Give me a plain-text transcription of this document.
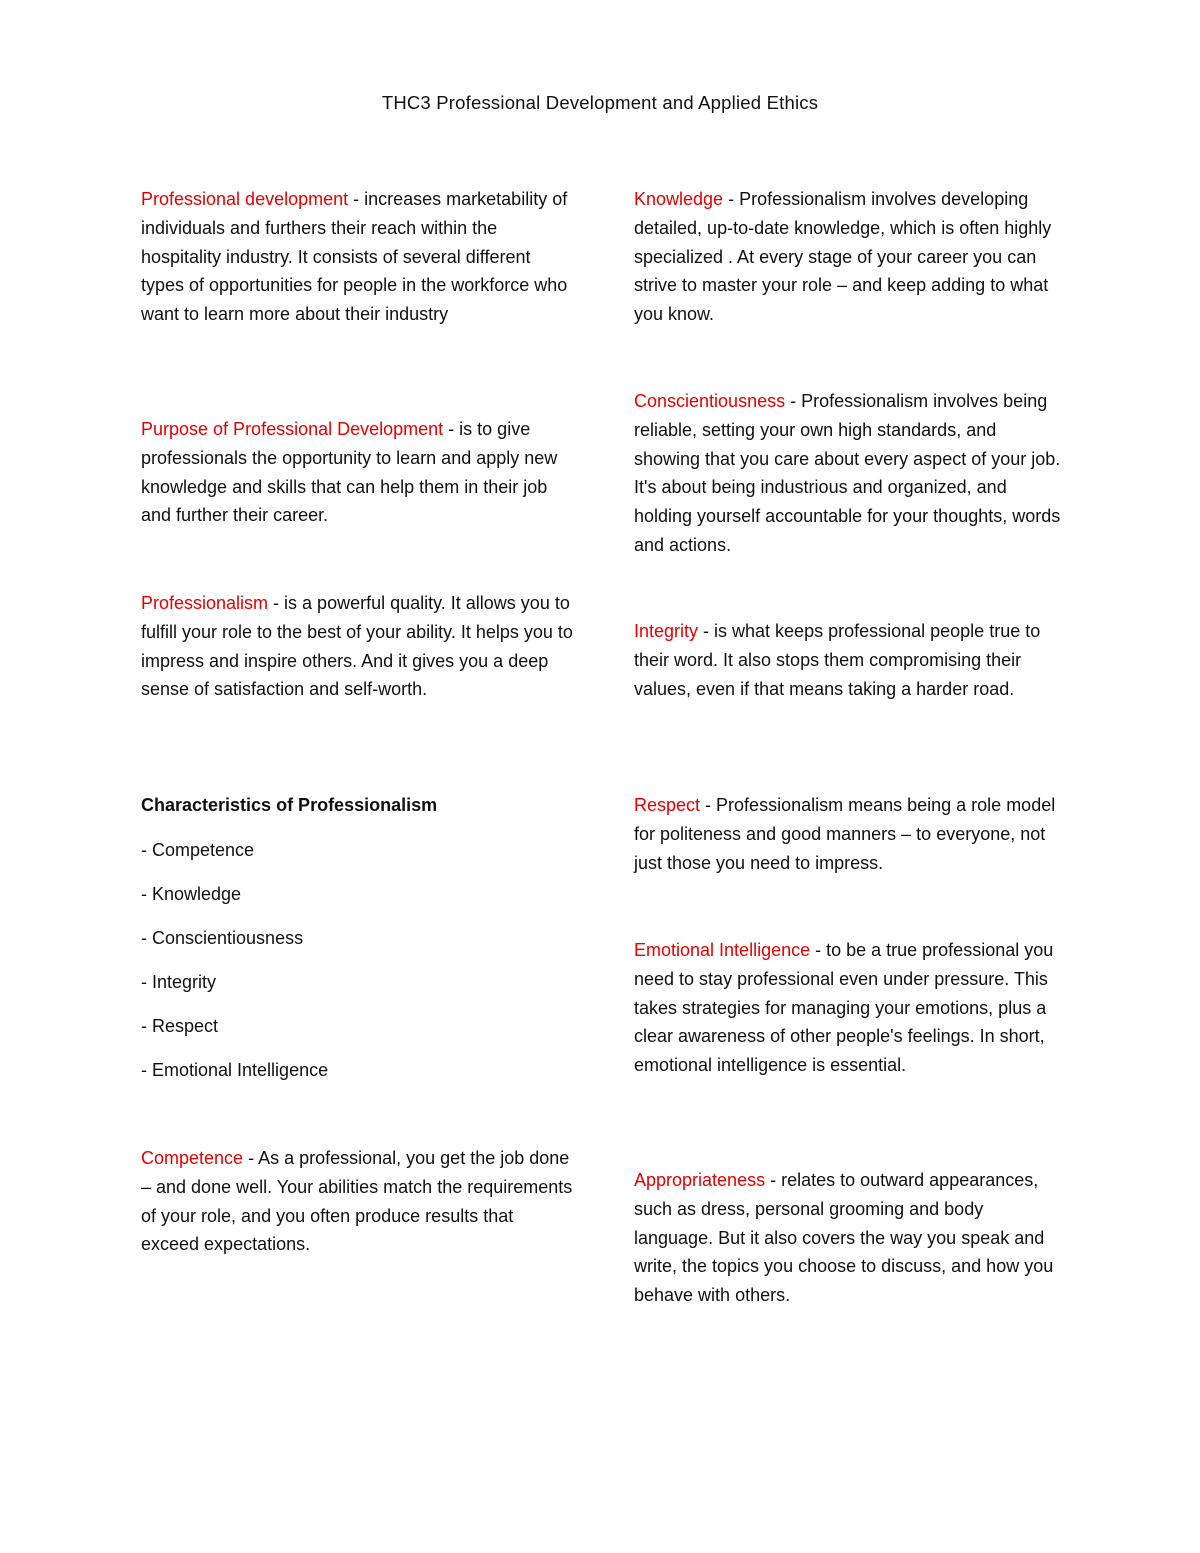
THC3 Professional Development and Applied Ethics

Professional development - increases marketability of individuals and furthers their reach within the hospitality industry. It consists of several different types of opportunities for people in the workforce who want to learn more about their industry

Purpose of Professional Development - is to give professionals the opportunity to learn and apply new knowledge and skills that can help them in their job and further their career.

Professionalism - is a powerful quality. It allows you to fulfill your role to the best of your ability. It helps you to impress and inspire others. And it gives you a deep sense of satisfaction and self-worth.

Characteristics of Professionalism
- Competence
- Knowledge
- Conscientiousness
- Integrity
- Respect
- Emotional Intelligence

Competence - As a professional, you get the job done – and done well. Your abilities match the requirements of your role, and you often produce results that exceed expectations.

Knowledge - Professionalism involves developing detailed, up-to-date knowledge, which is often highly specialized . At every stage of your career you can strive to master your role – and keep adding to what you know.

Conscientiousness - Professionalism involves being reliable, setting your own high standards, and showing that you care about every aspect of your job. It's about being industrious and organized, and holding yourself accountable for your thoughts, words and actions.

Integrity - is what keeps professional people true to their word. It also stops them compromising their values, even if that means taking a harder road.

Respect - Professionalism means being a role model for politeness and good manners – to everyone, not just those you need to impress.

Emotional Intelligence - to be a true professional you need to stay professional even under pressure. This takes strategies for managing your emotions, plus a clear awareness of other people's feelings. In short, emotional intelligence is essential.

Appropriateness - relates to outward appearances, such as dress, personal grooming and body language. But it also covers the way you speak and write, the topics you choose to discuss, and how you behave with others.
